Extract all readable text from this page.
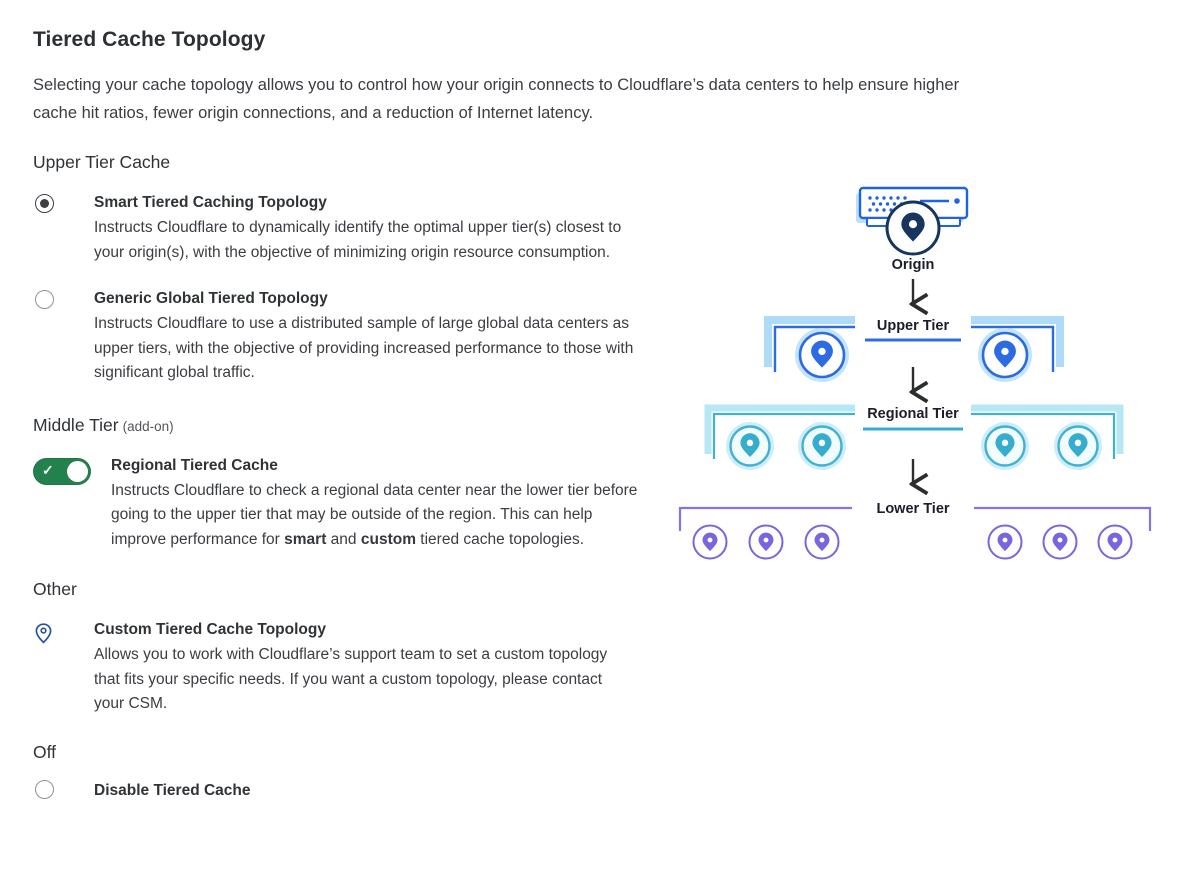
Tiered Cache Topology

Selecting your cache topology allows you to control how your origin connects to Cloudflare’s data centers to help ensure higher cache hit ratios, fewer origin connections, and a reduction of Internet latency.

Upper Tier Cache
Smart Tiered Caching Topology
Instructs Cloudflare to dynamically identify the optimal upper tier(s) closest to your origin(s), with the objective of minimizing origin resource consumption.
Generic Global Tiered Topology
Instructs Cloudflare to use a distributed sample of large global data centers as upper tiers, with the objective of providing increased performance to those with significant global traffic.
Middle Tier (add-on)
✓	Regional Tiered Cache
Instructs Cloudflare to check a regional data center near the lower tier before going to the upper tier that may be outside of the region. This can help improve performance for smart and custom tiered cache topologies.
Other
Custom Tiered Cache Topology
Allows you to work with Cloudflare’s support team to set a custom topology that fits your specific needs. If you want a custom topology, please contact your CSM.
Off
Disable Tiered Cache
Origin
Upper Tier
Regional Tier
Lower Tier
